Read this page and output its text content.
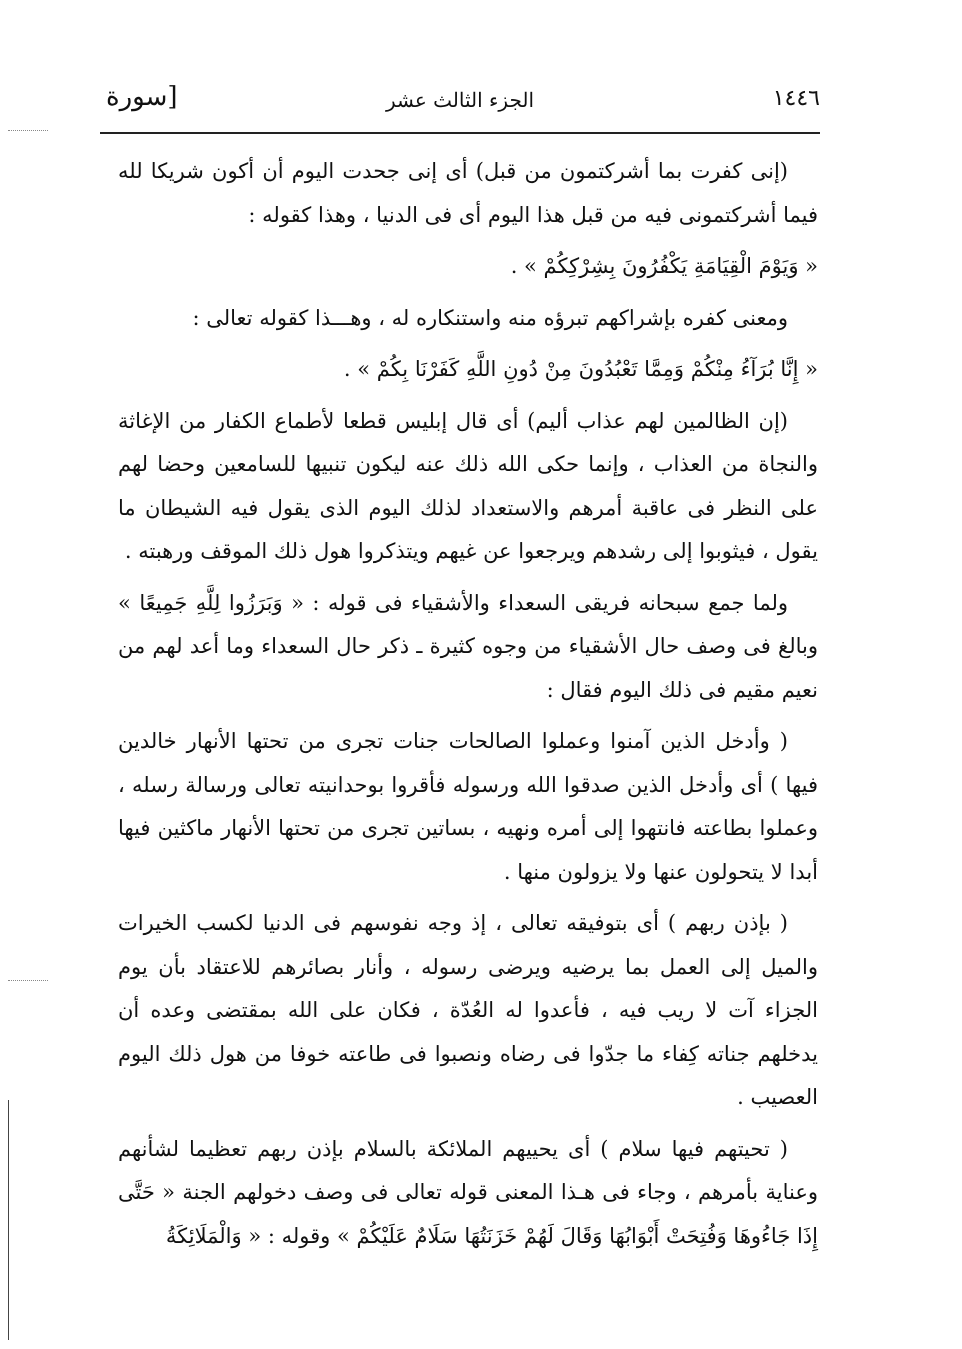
١٤٤٦
الجزء الثالث عشر
[سورة

(إنى كفرت بما أشركتمون من قبل) أى إنى جحدت اليوم أن أكون شريكا لله فيما أشركتمونى فيه من قبل هذا اليوم أى فى الدنيا ، وهذا كقوله :

« وَيَوْمَ الْقِيَامَةِ يَكْفُرُونَ بِشِرْكِكُمْ » .

ومعنى كفره بإشراكهم تبرؤه منه واستنكاره له ، وهـــذا كقوله تعالى :

« إِنَّا بُرَآءُ مِنْكُمْ وَمِمَّا تَعْبُدُونَ مِنْ دُونِ اللَّهِ كَفَرْنَا بِكُمْ » .

(إن الظالمين لهم عذاب أليم) أى قال إبليس قطعا لأطماع الكفار من الإغاثة والنجاة من العذاب ، وإنما حكى الله ذلك عنه ليكون تنبيها للسامعين وحضا لهم على النظر فى عاقبة أمرهم والاستعداد لذلك اليوم الذى يقول فيه الشيطان ما يقول ، فيثوبوا إلى رشدهم ويرجعوا عن غيهم ويتذكروا هول ذلك الموقف ورهبته .

ولما جمع سبحانه فريقى السعداء والأشقياء فى قوله : « وَبَرَزُوا لِلَّهِ جَمِيعًا » وبالغ فى وصف حال الأشقياء من وجوه كثيرة ـ ذكر حال السعداء وما أعد لهم من نعيم مقيم فى ذلك اليوم فقال :

( وأدخل الذين آمنوا وعملوا الصالحات جنات تجرى من تحتها الأنهار خالدين فيها ) أى وأدخل الذين صدقوا الله ورسوله فأقروا بوحدانيته تعالى ورسالة رسله ، وعملوا بطاعته فانتهوا إلى أمره ونهيه ، بساتين تجرى من تحتها الأنهار ماكثين فيها أبدا لا يتحولون عنها ولا يزولون منها .

( بإذن ربهم ) أى بتوفيقه تعالى ، إذ وجه نفوسهم فى الدنيا لكسب الخيرات والميل إلى العمل بما يرضيه ويرضى رسوله ، وأنار بصائرهم للاعتقاد بأن يوم الجزاء آت لا ريب فيه ، فأعدوا له العُدّة ، فكان على الله بمقتضى وعده أن يدخلهم جناته كِفاء ما جدّوا فى رضاه ونصبوا فى طاعته خوفا من هول ذلك اليوم العصيب .

( تحيتهم فيها سلام ) أى يحييهم الملائكة بالسلام بإذن ربهم تعظيما لشأنهم وعناية بأمرهم ، وجاء فى هـذا المعنى قوله تعالى فى وصف دخولهم الجنة « حَتَّى إِذَا جَاءُوهَا وَفُتِحَتْ أَبْوَابُهَا وَقَالَ لَهُمْ خَزَنَتُهَا سَلَامٌ عَلَيْكُمْ » وقوله : « وَالْمَلَائِكَةُ
